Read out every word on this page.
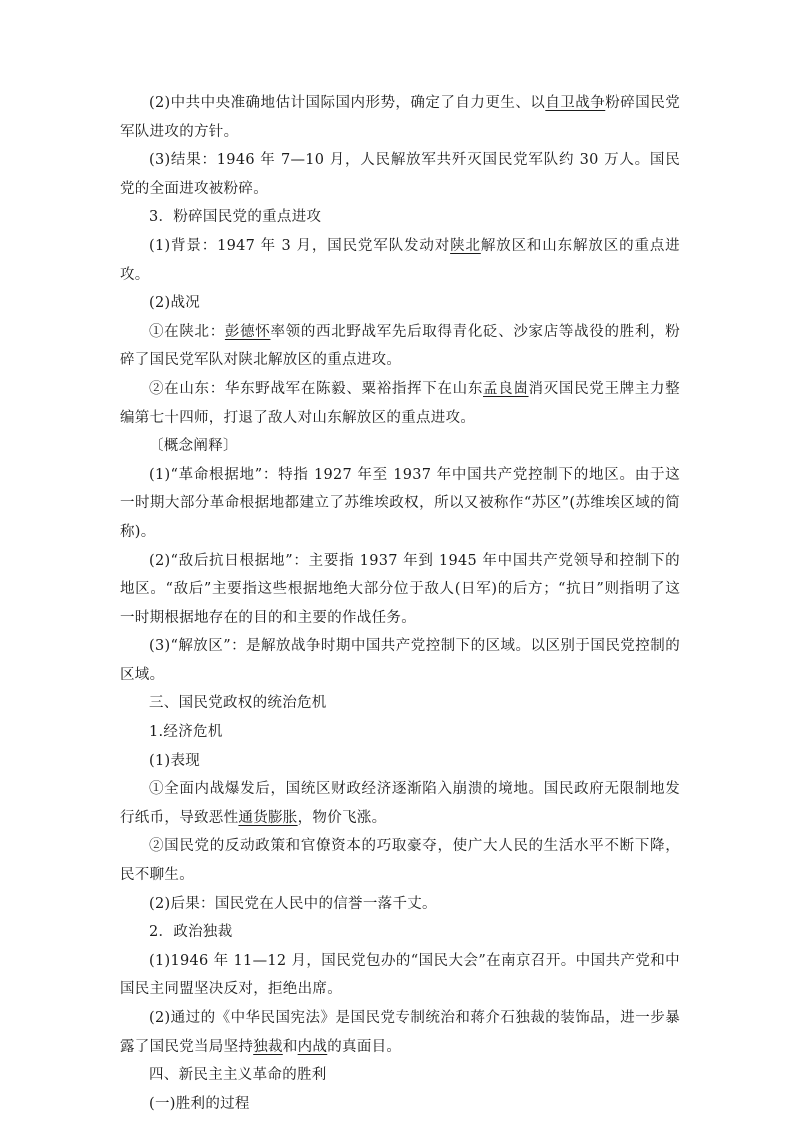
(2)中共中央准确地估计国际国内形势，确定了自力更生、以自卫战争粉碎国民党军队进攻的方针。

(3)结果：1946 年 7—10 月，人民解放军共歼灭国民党军队约 30 万人。国民党的全面进攻被粉碎。

3．粉碎国民党的重点进攻

(1)背景：1947 年 3 月，国民党军队发动对陕北解放区和山东解放区的重点进攻。

(2)战况

①在陕北：彭德怀率领的西北野战军先后取得青化砭、沙家店等战役的胜利，粉碎了国民党军队对陕北解放区的重点进攻。

②在山东：华东野战军在陈毅、粟裕指挥下在山东孟良崮消灭国民党王牌主力整编第七十四师，打退了敌人对山东解放区的重点进攻。

〔概念阐释〕

(1)“革命根据地”：特指 1927 年至 1937 年中国共产党控制下的地区。由于这一时期大部分革命根据地都建立了苏维埃政权，所以又被称作“苏区”(苏维埃区域的简称)。

(2)“敌后抗日根据地”：主要指 1937 年到 1945 年中国共产党领导和控制下的地区。“敌后”主要指这些根据地绝大部分位于敌人(日军)的后方；“抗日”则指明了这一时期根据地存在的目的和主要的作战任务。

(3)“解放区”：是解放战争时期中国共产党控制下的区域。以区别于国民党控制的区域。

三、国民党政权的统治危机

1.经济危机

(1)表现

①全面内战爆发后，国统区财政经济逐渐陷入崩溃的境地。国民政府无限制地发行纸币，导致恶性通货膨胀，物价飞涨。

②国民党的反动政策和官僚资本的巧取豪夺，使广大人民的生活水平不断下降，民不聊生。

(2)后果：国民党在人民中的信誉一落千丈。

2．政治独裁

(1)1946 年 11—12 月，国民党包办的“国民大会”在南京召开。中国共产党和中国民主同盟坚决反对，拒绝出席。

(2)通过的《中华民国宪法》是国民党专制统治和蒋介石独裁的装饰品，进一步暴露了国民党当局坚持独裁和内战的真面目。

四、新民主主义革命的胜利

(一)胜利的过程
